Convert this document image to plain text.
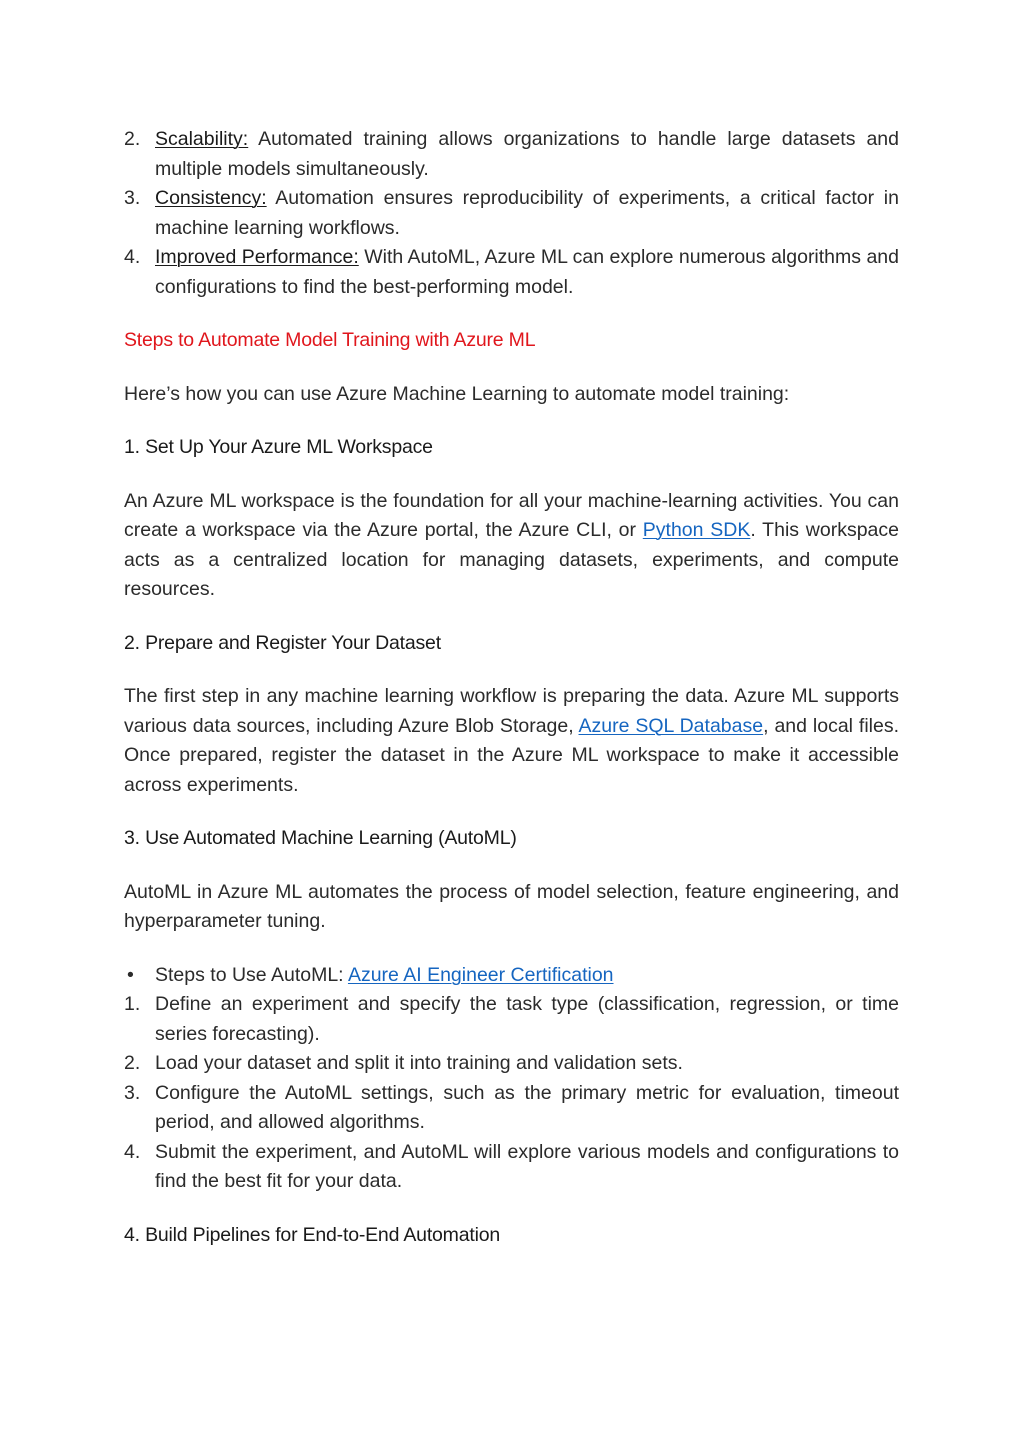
2. Scalability: Automated training allows organizations to handle large datasets and multiple models simultaneously.
3. Consistency: Automation ensures reproducibility of experiments, a critical factor in machine learning workflows.
4. Improved Performance: With AutoML, Azure ML can explore numerous algorithms and configurations to find the best-performing model.
Steps to Automate Model Training with Azure ML

Here’s how you can use Azure Machine Learning to automate model training:

1. Set Up Your Azure ML Workspace

An Azure ML workspace is the foundation for all your machine-learning activities. You can create a workspace via the Azure portal, the Azure CLI, or Python SDK. This workspace acts as a centralized location for managing datasets, experiments, and compute resources.

2. Prepare and Register Your Dataset

The first step in any machine learning workflow is preparing the data. Azure ML supports various data sources, including Azure Blob Storage, Azure SQL Database, and local files. Once prepared, register the dataset in the Azure ML workspace to make it accessible across experiments.

3. Use Automated Machine Learning (AutoML)

AutoML in Azure ML automates the process of model selection, feature engineering, and hyperparameter tuning.

• Steps to Use AutoML: Azure AI Engineer Certification
1. Define an experiment and specify the task type (classification, regression, or time series forecasting).
2. Load your dataset and split it into training and validation sets.
3. Configure the AutoML settings, such as the primary metric for evaluation, timeout period, and allowed algorithms.
4. Submit the experiment, and AutoML will explore various models and configurations to find the best fit for your data.
4. Build Pipelines for End-to-End Automation
